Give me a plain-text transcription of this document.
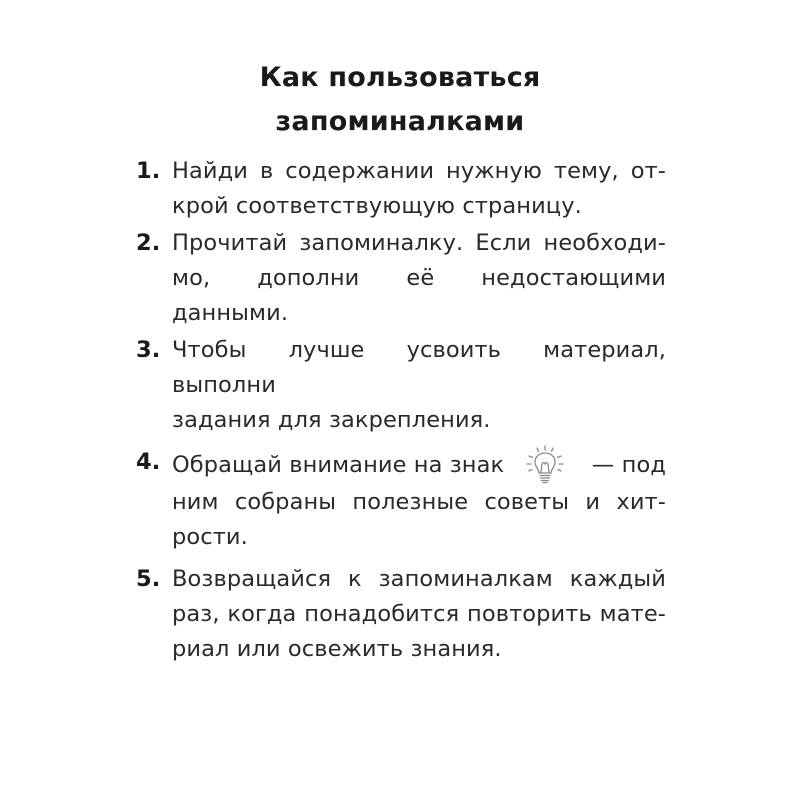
Как пользоваться
запоминалками
1. Найди в содержании нужную тему, от-
крой соответствующую страницу.
2. Прочитай запоминалку. Если необходи-
мо, дополни её недостающими данными.
3. Чтобы лучше усвоить материал, выполни
задания для закрепления.
4. Обращай внимание на знак	— под
ним собраны полезные советы и хит-
рости.
5. Возвращайся к запоминалкам каждый
раз, когда понадобится повторить мате-
риал или освежить знания.
